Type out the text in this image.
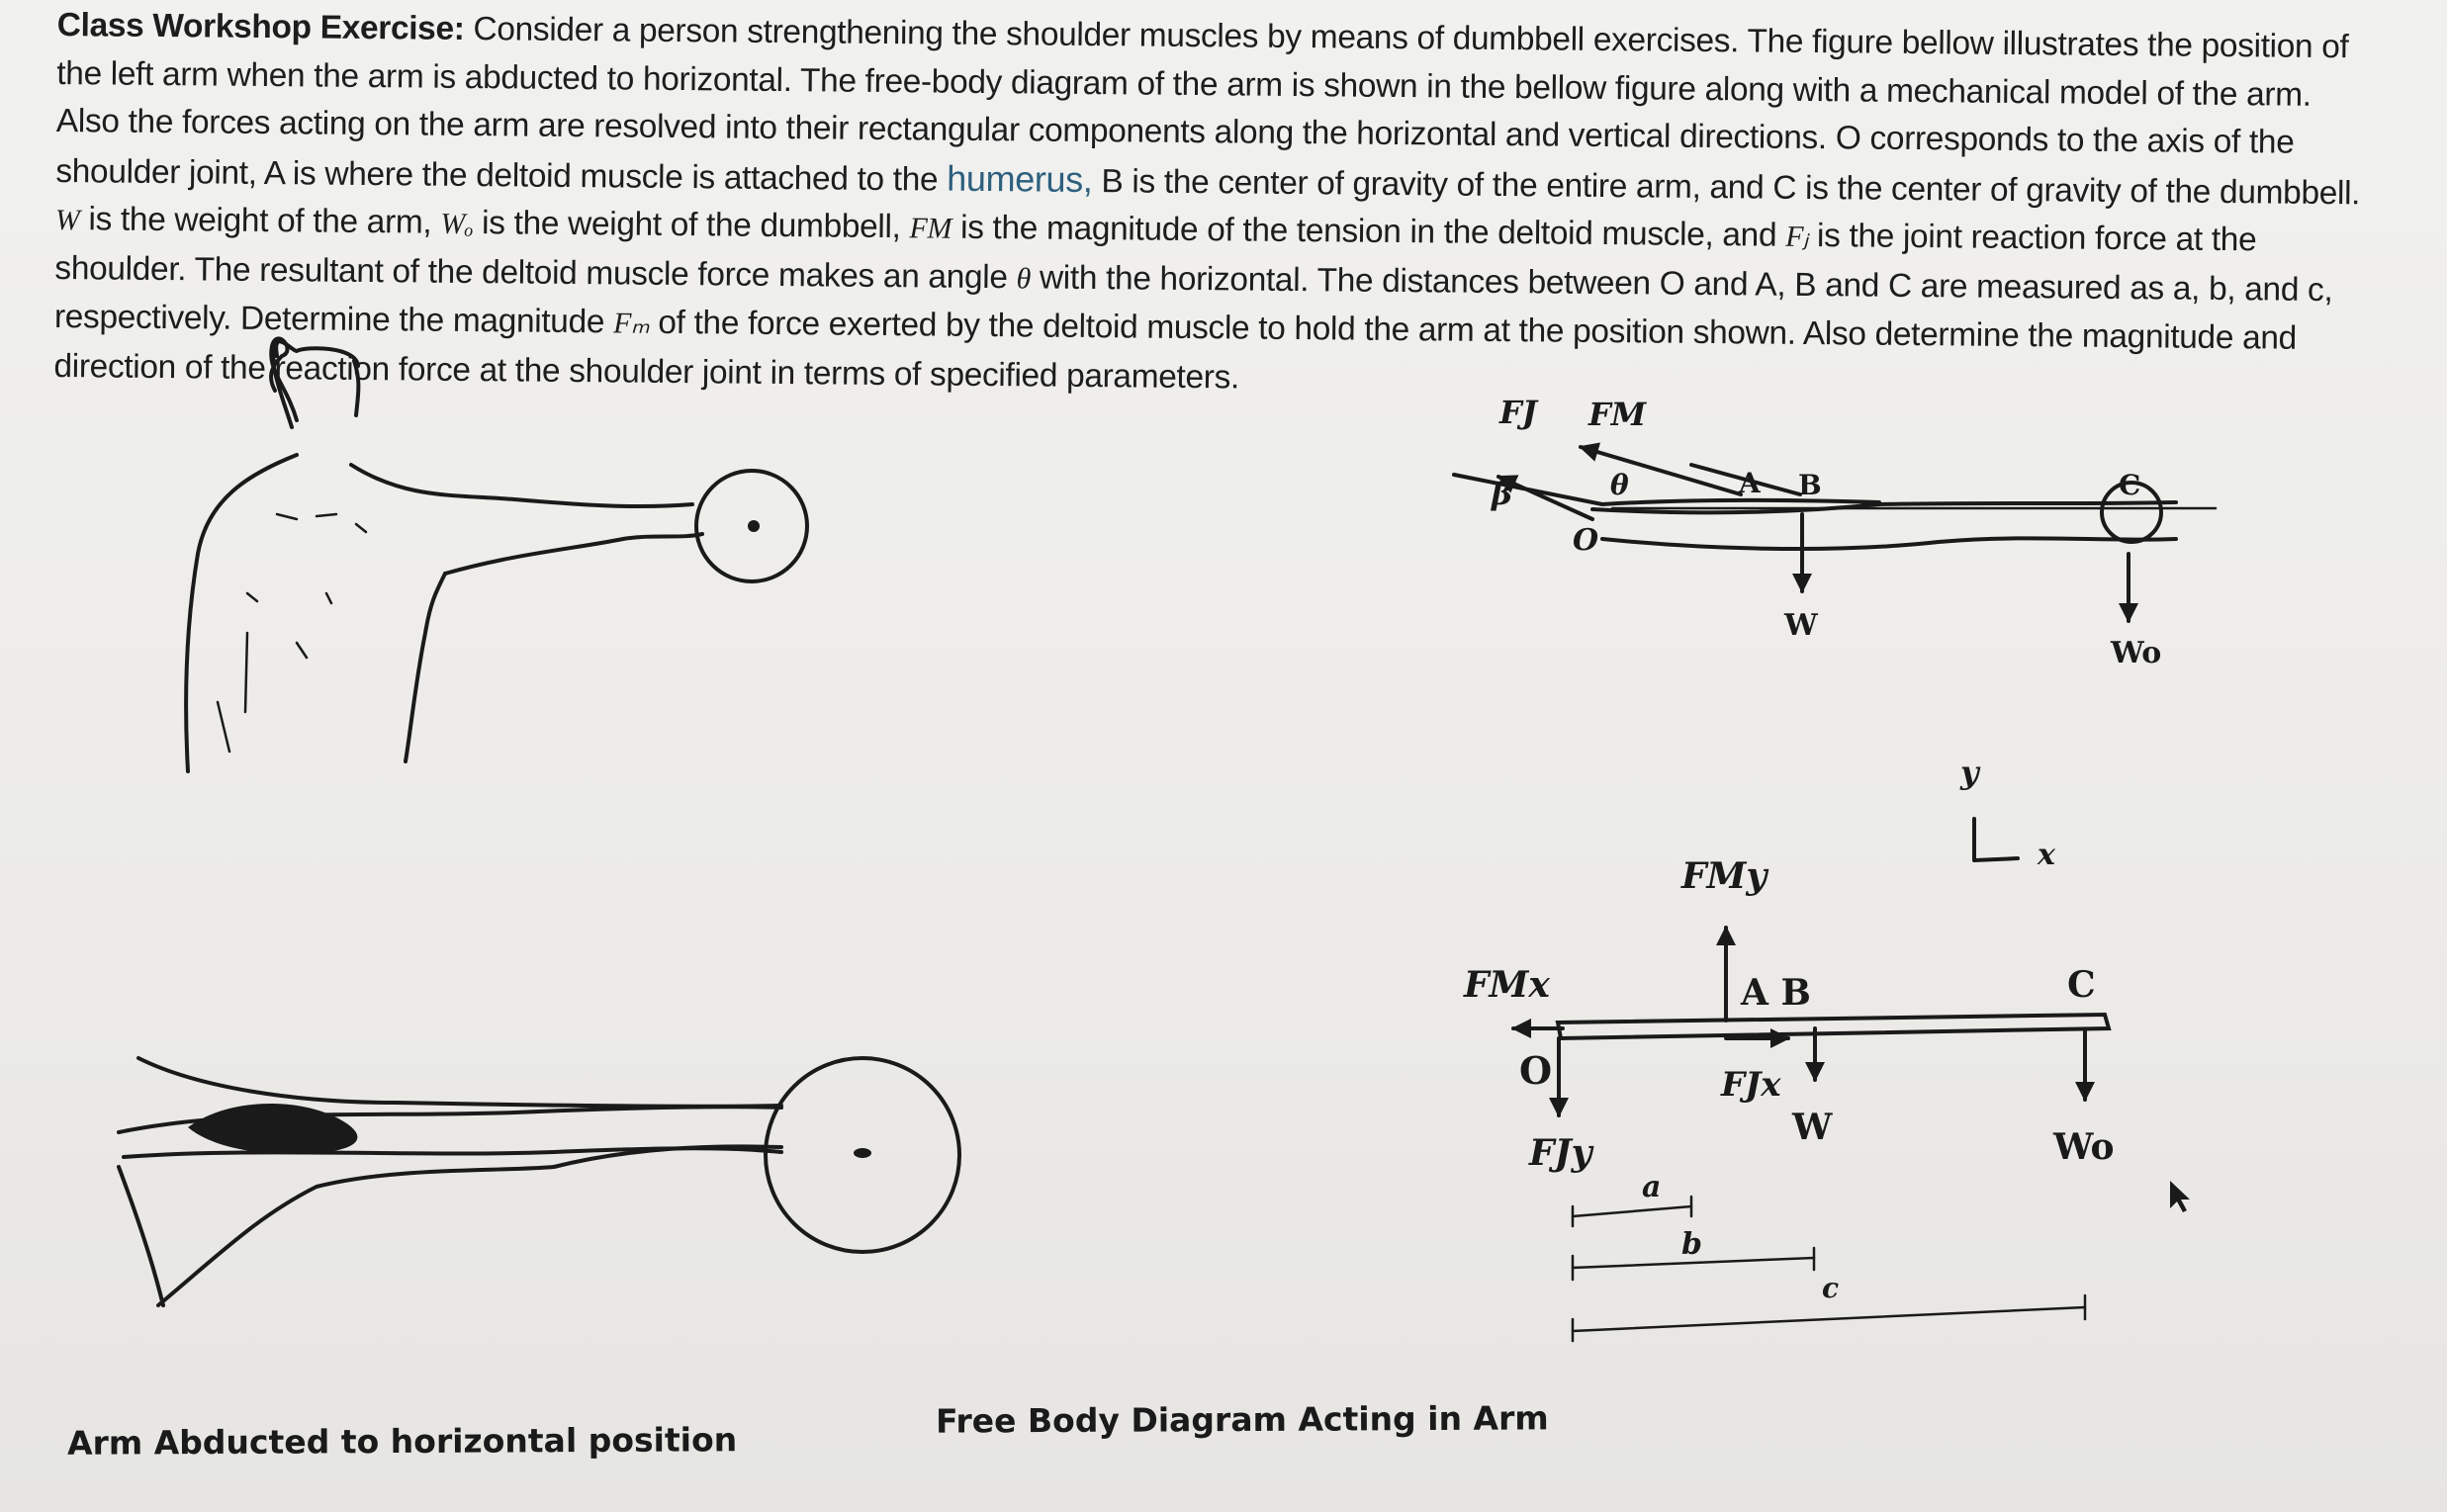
Class Workshop Exercise: Consider a person strengthening the shoulder muscles by means of dumbbell exercises. The figure bellow illustrates the position of the left arm when the arm is abducted to horizontal. The free-body diagram of the arm is shown in the bellow figure along with a mechanical model of the arm. Also the forces acting on the arm are resolved into their rectangular components along the horizontal and vertical directions. O corresponds to the axis of the shoulder joint, A is where the deltoid muscle is attached to the humerus, B is the center of gravity of the entire arm, and C is the center of gravity of the dumbbell. W is the weight of the arm, Wₒ is the weight of the dumbbell, FM is the magnitude of the tension in the deltoid muscle, and Fⱼ is the joint reaction force at the shoulder. The resultant of the deltoid muscle force makes an angle θ with the horizontal. The distances between O and A, B and C are measured as a, b, and c, respectively. Determine the magnitude Fₘ of the force exerted by the deltoid muscle to hold the arm at the position shown. Also determine the magnitude and direction of the reaction force at the shoulder joint in terms of specified parameters.
FJ FM
β	θ
O
A B	C
W
Wo
y
x
FMy
FMx
O
A B	C
FJx
FJy
W	Wo
a
b
c
Arm Abducted to horizontal position
Free Body Diagram Acting in Arm
